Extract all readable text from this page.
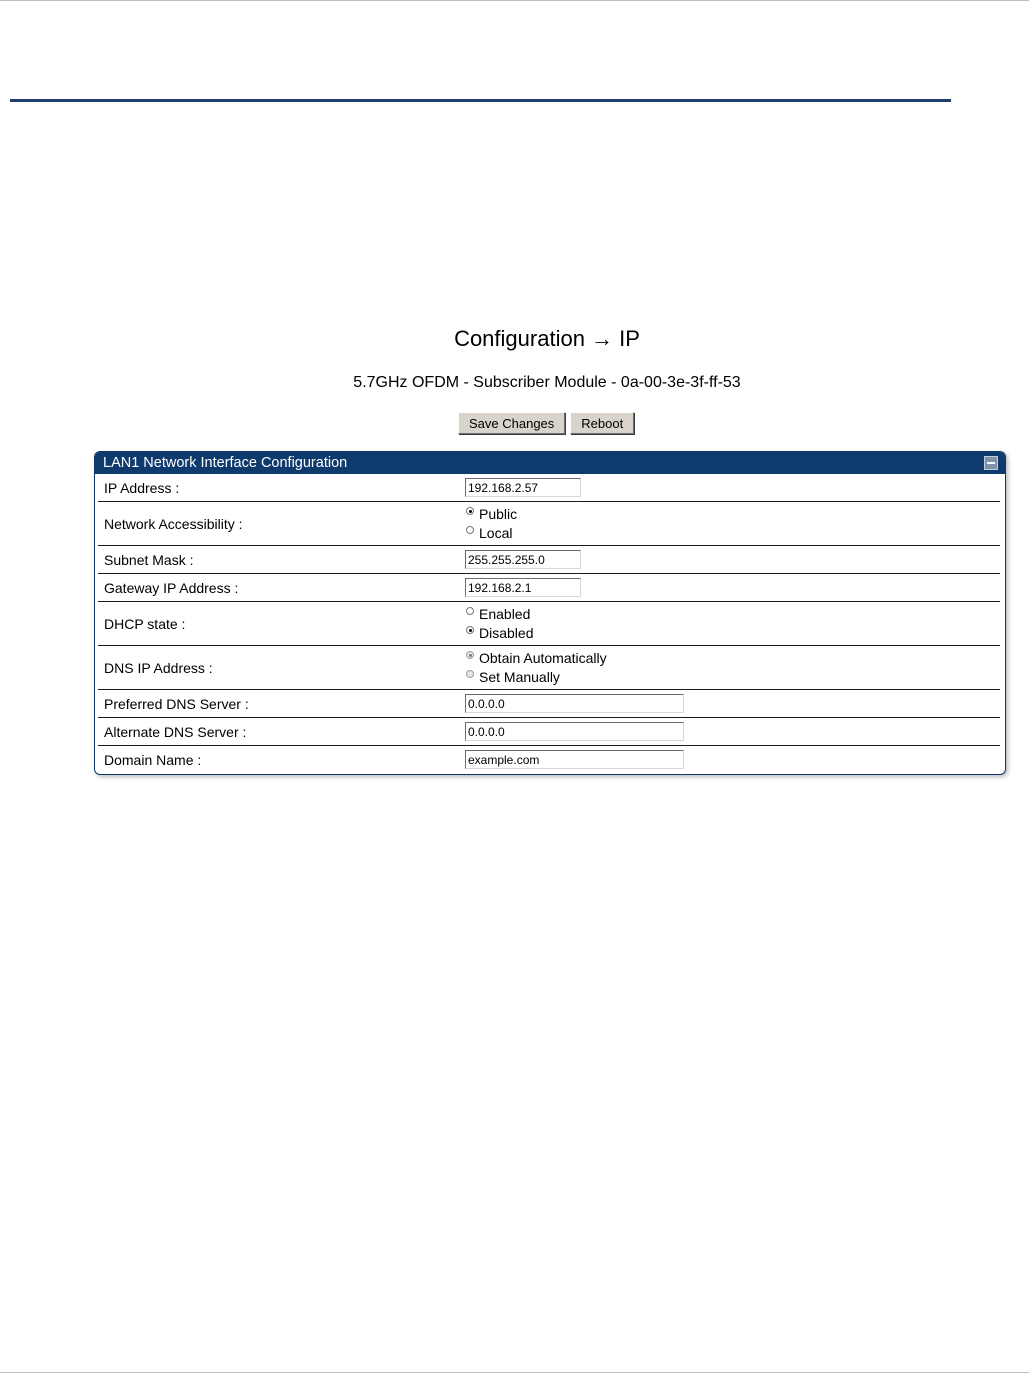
Configuration → IP
5.7GHz OFDM - Subscriber Module - 0a-00-3e-3f-ff-53
Save Changes	Reboot
LAN1 Network Interface Configuration
IP Address :	192.168.2.57
Network Accessibility :	Public
Local

Subnet Mask :	255.255.255.0
Gateway IP Address :	192.168.2.1
DHCP state :	Enabled
Disabled

DNS IP Address :	Obtain Automatically
Set Manually

Preferred DNS Server :	0.0.0.0
Alternate DNS Server :	0.0.0.0
Domain Name :	example.com
